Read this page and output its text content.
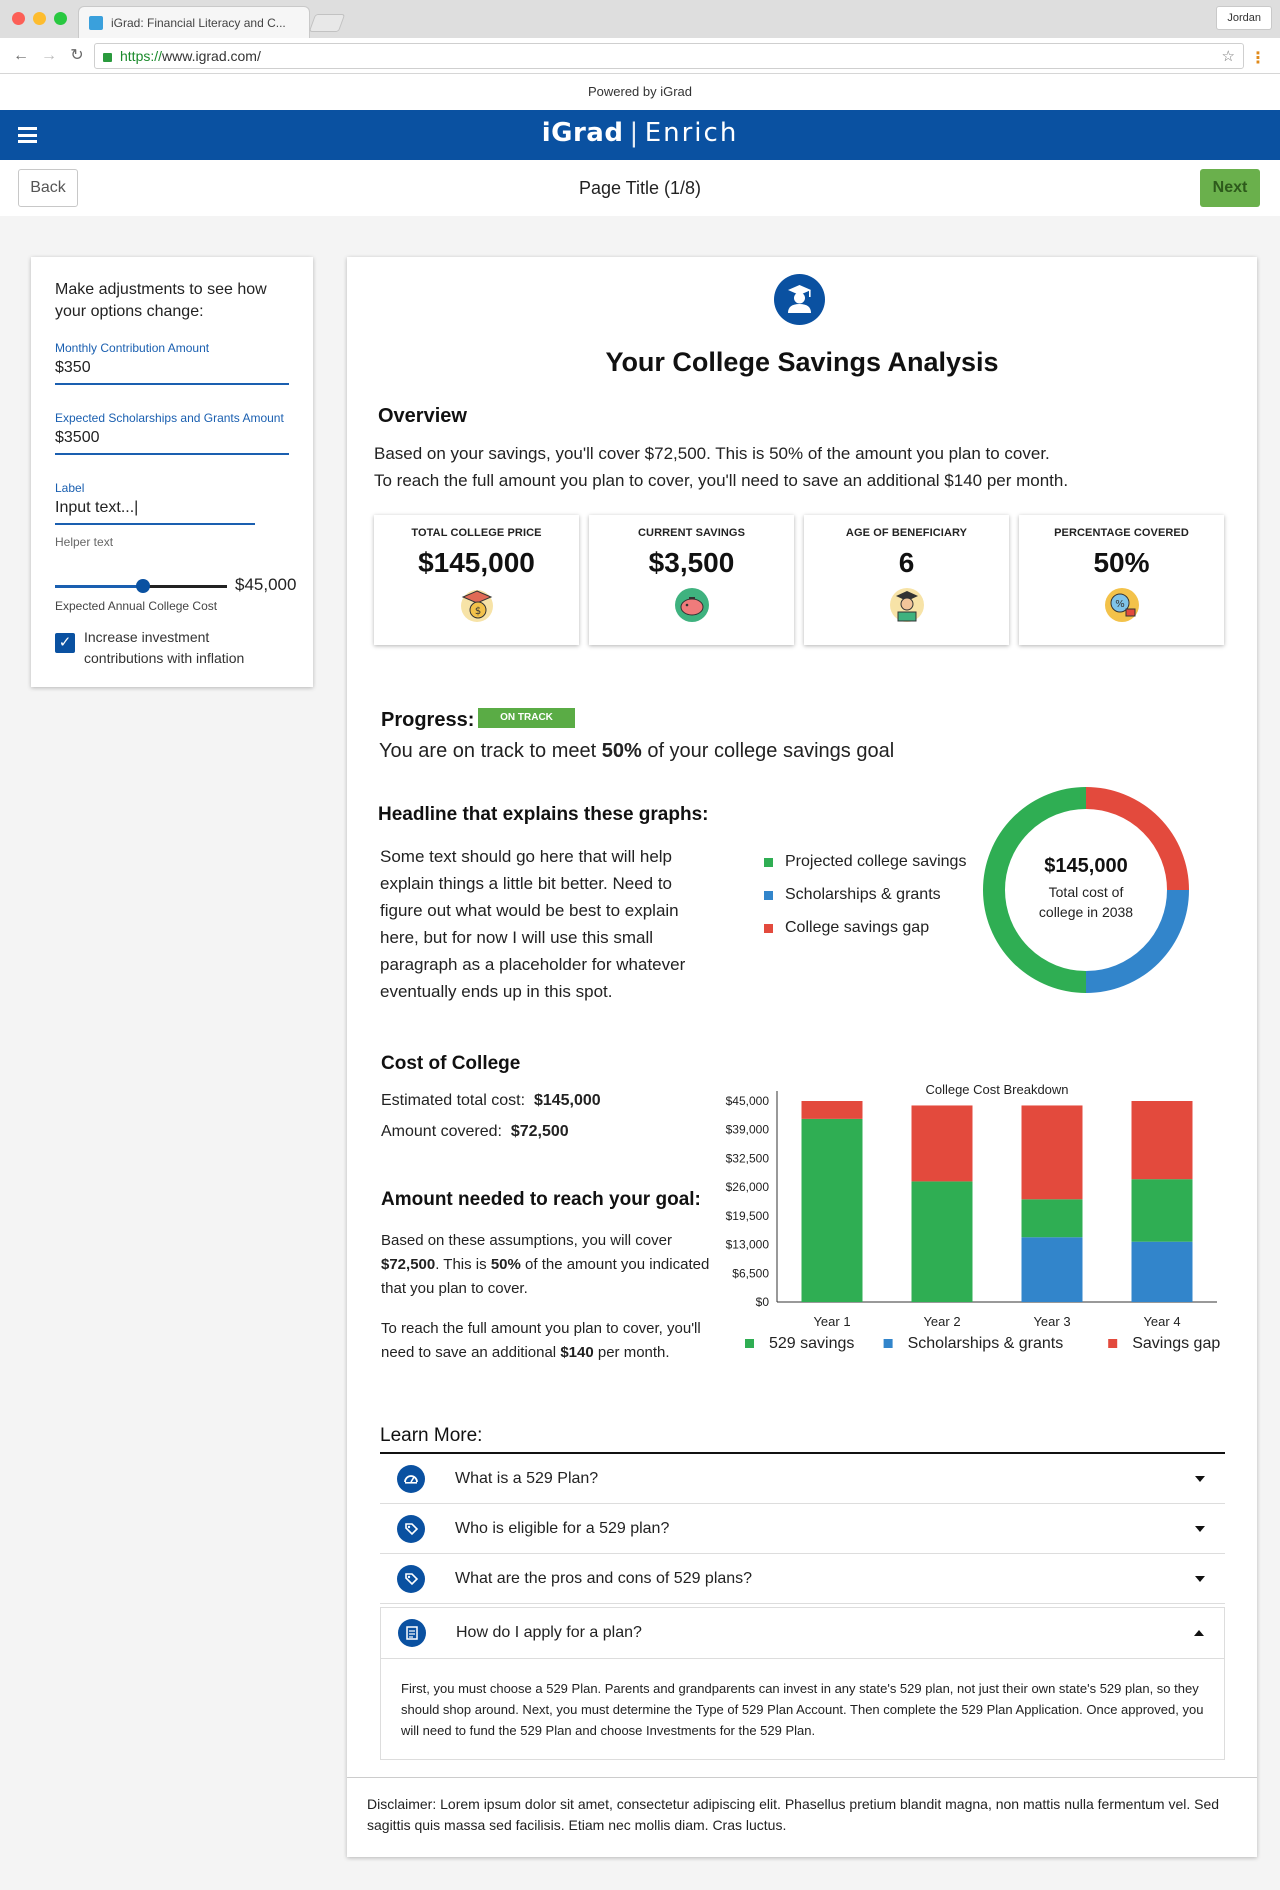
iGrad: Financial Literacy and C...	Jordan
← → ↻	https:// www.igrad.com/	☆ ⋮
Powered by iGrad
iGrad | Enrich
Back	Page Title (1/8)	Next
Make adjustments to see how your options change:
Monthly Contribution Amount
$350
Expected Scholarships and Grants Amount
$3500
Label
Input text...|
Helper text
$45,000
Expected Annual College Cost
✓ Increase investment contributions with inflation
Your College Savings Analysis
Overview
Based on your savings, you'll cover $72,500. This is 50% of the amount you plan to cover.
To reach the full amount you plan to cover, you'll need to save an additional $140 per month.
TOTAL COLLEGE PRICE
$145,000
$
CURRENT SAVINGS
$3,500
AGE OF BENEFICIARY
6
PERCENTAGE COVERED
50%
%
Progress:	ON TRACK
You are on track to meet 50% of your college savings goal
Headline that explains these graphs:
Some text should go here that will help explain things a little bit better. Need to figure out what would be best to explain here, but for now I will use this small paragraph as a placeholder for whatever eventually ends up in this spot.
Projected college savings
Scholarships & grants
College savings gap
$145,000
Total cost of
college in 2038
Cost of College
Estimated total cost: $145,000
Amount covered: $72,500
Amount needed to reach your goal:
Based on these assumptions, you will cover $72,500. This is 50% of the amount you indicated that you plan to cover.
To reach the full amount you plan to cover, you'll need to save an additional $140 per month.
College Cost Breakdown
$0
$6,500
$13,000
$19,500
$26,000
$32,500
$39,000
$45,000
Year 1	Year 2	Year 3	Year 4
529 savings	Scholarships & grants	Savings gap
Learn More:
What is a 529 Plan?
Who is eligible for a 529 plan?
What are the pros and cons of 529 plans?
How do I apply for a plan?
First, you must choose a 529 Plan. Parents and grandparents can invest in any state's 529 plan, not just their own state's 529 plan, so they should shop around. Next, you must determine the Type of 529 Plan Account. Then complete the 529 Plan Application. Once approved, you will need to fund the 529 Plan and choose Investments for the 529 Plan.
Disclaimer: Lorem ipsum dolor sit amet, consectetur adipiscing elit. Phasellus pretium blandit magna, non mattis nulla fermentum vel. Sed sagittis quis massa sed facilisis. Etiam nec mollis diam. Cras luctus.
